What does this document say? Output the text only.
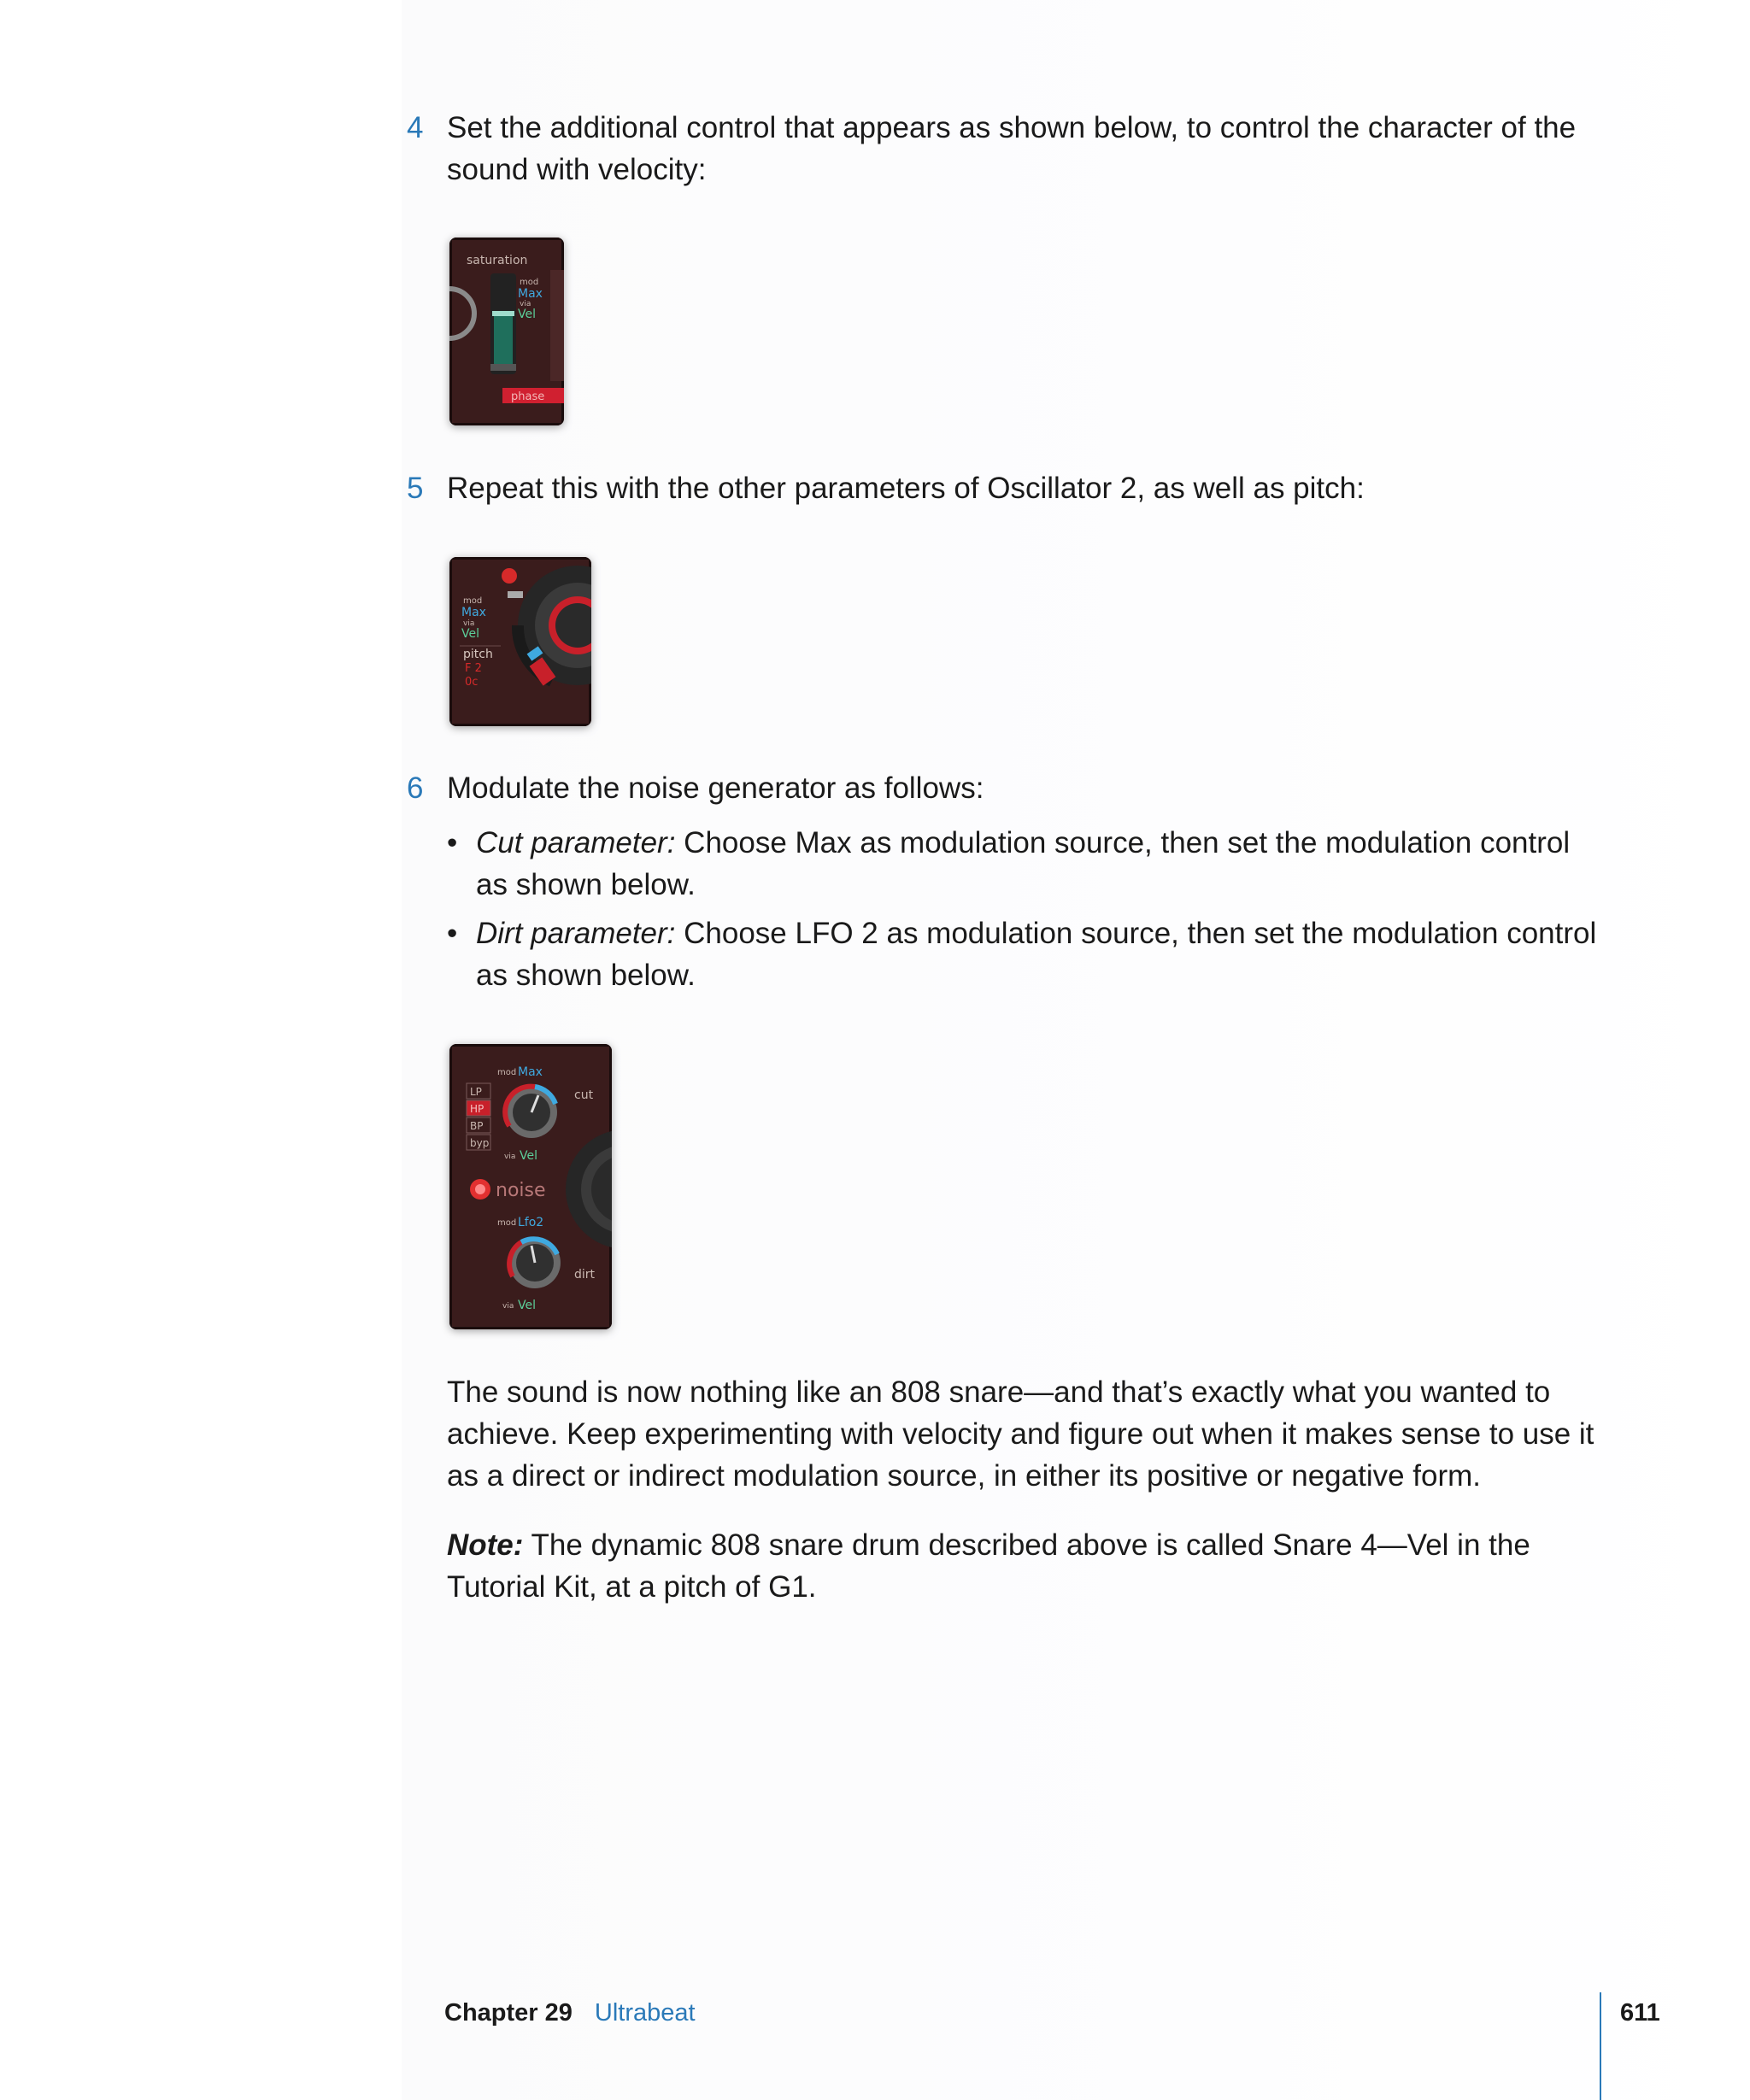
4 Set the additional control that appears as shown below, to control the character of the sound with velocity:
saturation
mod
Max
via
Vel
phase
5 Repeat this with the other parameters of Oscillator 2, as well as pitch:
mod
Max
via
Vel
pitch
F 2
0c
6 Modulate the noise generator as follows:
• Cut parameter: Choose Max as modulation source, then set the modulation control as shown below.
• Dirt parameter: Choose LFO 2 as modulation source, then set the modulation control as shown below.
mod Max
LP
HP
BP
byp
cut
via Vel
noise
mod Lfo2
dirt
via Vel
The sound is now nothing like an 808 snare—and that’s exactly what you wanted to achieve. Keep experimenting with velocity and figure out when it makes sense to use it as a direct or indirect modulation source, in either its positive or negative form.
Note: The dynamic 808 snare drum described above is called Snare 4—Vel in the Tutorial Kit, at a pitch of G1.
Chapter 29 Ultrabeat	611
